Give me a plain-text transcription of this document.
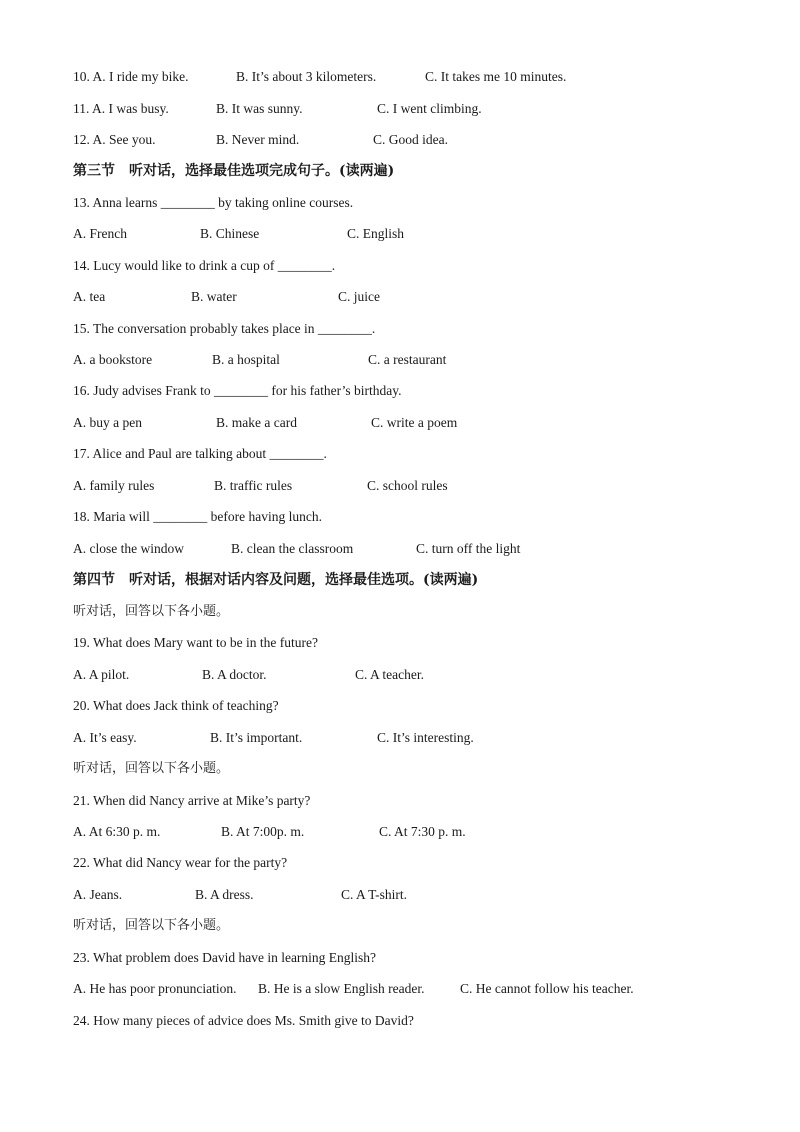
10. A. I ride my bike.	B. It’s about 3 kilometers.	C. It takes me 10 minutes.
11. A. I was busy.	B. It was sunny.	C. I went climbing.
12. A. See you.	B. Never mind.	C. Good idea.
第三节　听对话，选择最佳选项完成句子。(读两遍)
13. Anna learns ________ by taking online courses.
A. French	B. Chinese	C. English
14. Lucy would like to drink a cup of ________.
A. tea	B. water	C. juice
15. The conversation probably takes place in ________.
A. a bookstore	B. a hospital	C. a restaurant
16. Judy advises Frank to ________ for his father’s birthday.
A. buy a pen	B. make a card	C. write a poem
17. Alice and Paul are talking about ________.
A. family rules	B. traffic rules	C. school rules
18. Maria will ________ before having lunch.
A. close the window	B. clean the classroom	C. turn off the light
第四节　听对话，根据对话内容及问题，选择最佳选项。(读两遍)
听对话，回答以下各小题。
19. What does Mary want to be in the future?
A. A pilot.	B. A doctor.	C. A teacher.
20. What does Jack think of teaching?
A. It’s easy.	B. It’s important.	C. It’s interesting.
听对话，回答以下各小题。
21. When did Nancy arrive at Mike’s party?
A. At 6:30 p. m.	B. At 7:00p. m.	C. At 7:30 p. m.
22. What did Nancy wear for the party?
A. Jeans.	B. A dress.	C. A T-shirt.
听对话，回答以下各小题。
23. What problem does David have in learning English?
A. He has poor pronunciation. B. He is a slow English reader.	C. He cannot follow his teacher.
24. How many pieces of advice does Ms. Smith give to David?
